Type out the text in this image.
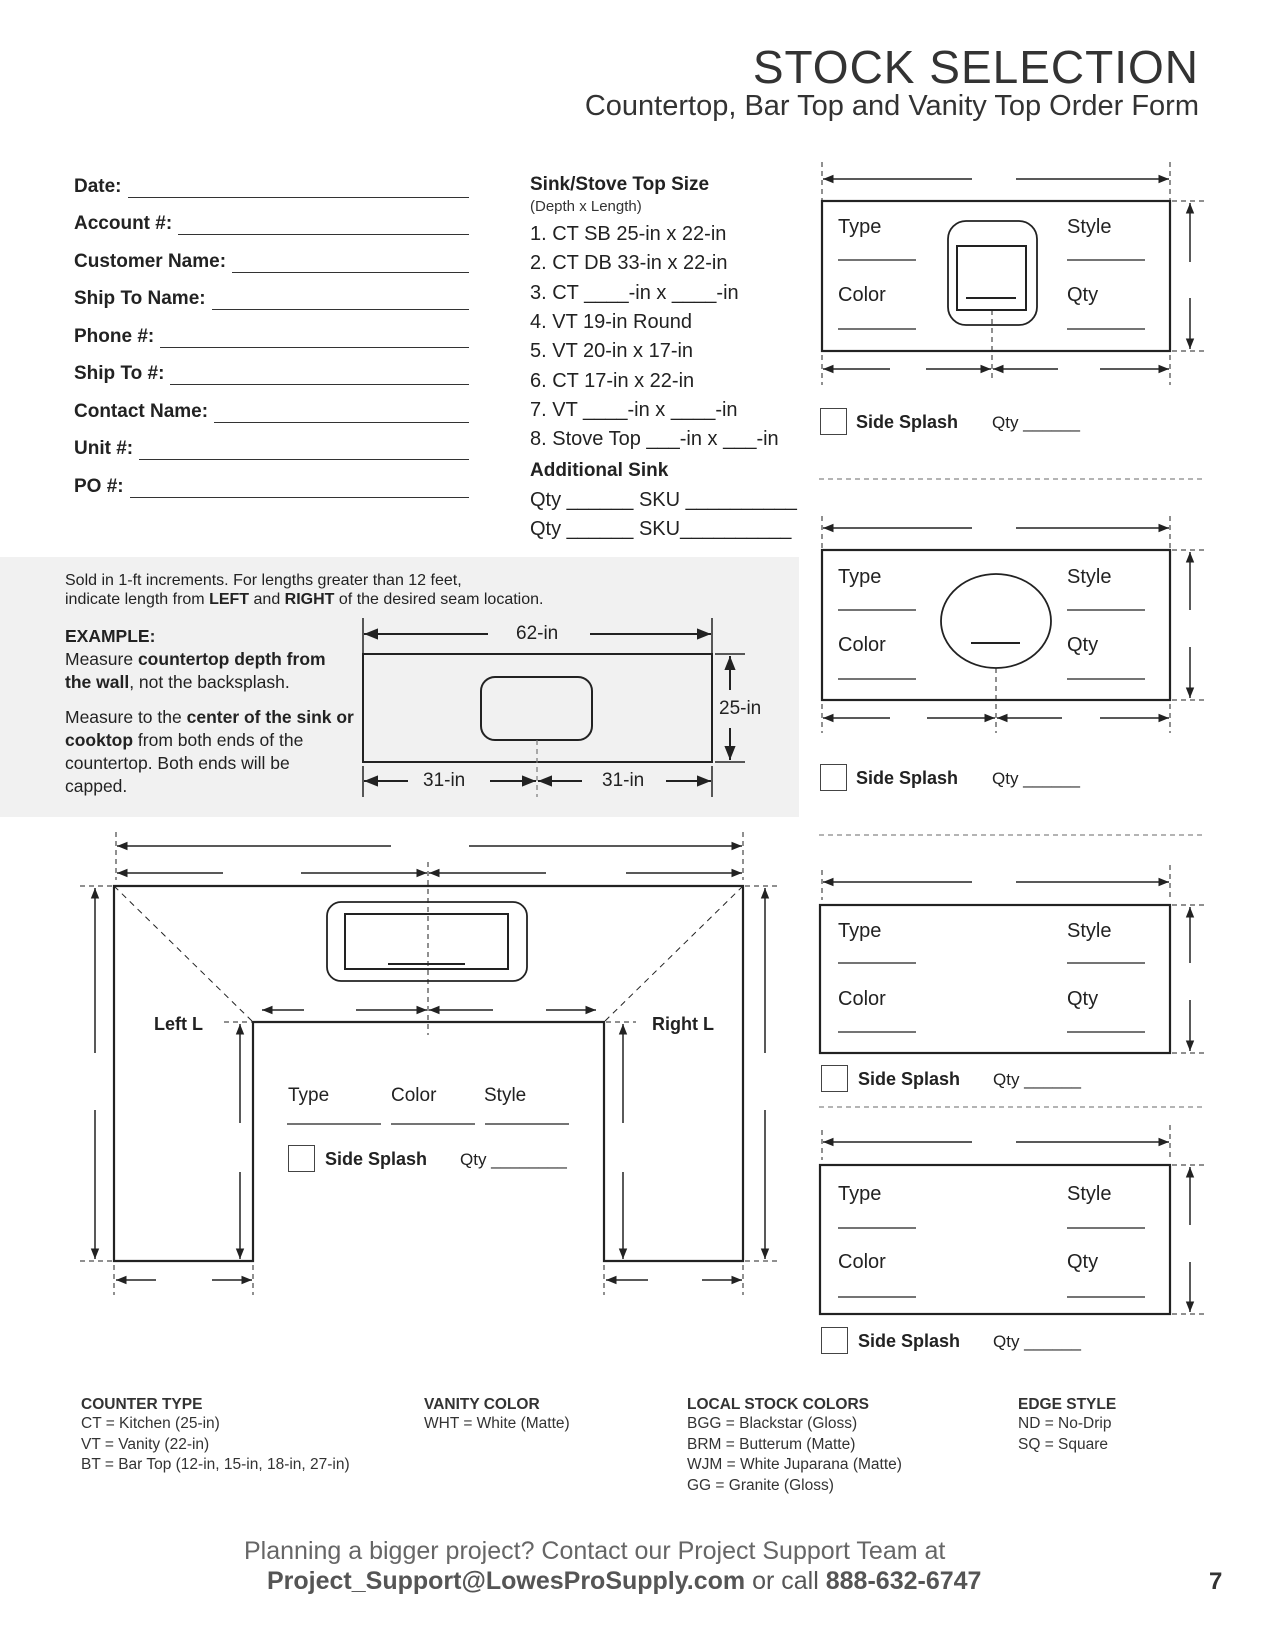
STOCK SELECTION
Countertop, Bar Top and Vanity Top Order Form
Date:
Account #:
Customer Name:
Ship To Name:
Phone #:
Ship To #:
Contact Name:
Unit #:
PO #:
Sink/Stove Top Size
(Depth x Length)
1. CT SB 25-in x 22-in
2. CT DB 33-in x 22-in
3. CT ____-in x ____-in
4. VT 19-in Round
5. VT 20-in x 17-in
6. CT 17-in x 22-in
7. VT ____-in x ____-in
8. Stove Top ___-in x ___-in
Additional Sink
Qty ______ SKU __________
Qty ______ SKU__________
Sold in 1-ft increments. For lengths greater than 12 feet,
indicate length from LEFT and RIGHT of the desired seam location.
EXAMPLE:
Measure countertop depth from the wall, not the backsplash.
Measure to the center of the sink or cooktop from both ends of the countertop. Both ends will be capped.
62-in
25-in
31-in	31-in
Type	Style
Color	Qty
Side Splash Qty ______
Type	Style
Color	Qty
Side Splash Qty ______
Type	Style
Color	Qty
Side Splash Qty ______
Type	Style
Color	Qty
Side Splash Qty ______
Left L	Right L
Type	Color	Style
Side Splash Qty ________
COUNTER TYPE
CT = Kitchen (25-in)
VT = Vanity (22-in)
BT = Bar Top (12-in, 15-in, 18-in, 27-in)
VANITY COLOR
WHT = White (Matte)
LOCAL STOCK COLORS
BGG = Blackstar (Gloss)
BRM = Butterum (Matte)
WJM = White Juparana (Matte)
GG = Granite (Gloss)
EDGE STYLE
ND = No-Drip
SQ = Square
Planning a bigger project? Contact our Project Support Team at
Project_Support@LowesProSupply.com or call 888-632-6747	7
